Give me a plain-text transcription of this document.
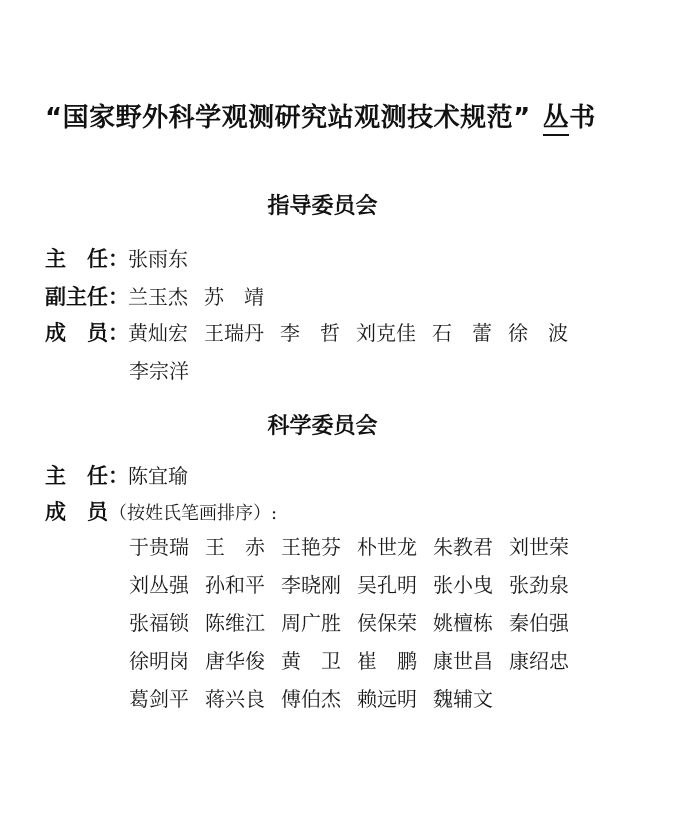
“国家野外科学观测研究站观测技术规范” 丛书
指导委员会
主　任：张雨东
副主任：兰玉杰 苏　靖
成　员：黄灿宏 王瑞丹 李　哲 刘克佳 石　蕾 徐　波
李宗洋
科学委员会
主　任：陈宜瑜
成　员（按姓氏笔画排序）:
于贵瑞 王　赤 王艳芬 朴世龙 朱教君 刘世荣
刘丛强 孙和平 李晓刚 吴孔明 张小曳 张劲泉
张福锁 陈维江 周广胜 侯保荣 姚檀栋 秦伯强
徐明岗 唐华俊 黄　卫 崔　鹏 康世昌 康绍忠
葛剑平 蒋兴良 傅伯杰 赖远明 魏辅文
